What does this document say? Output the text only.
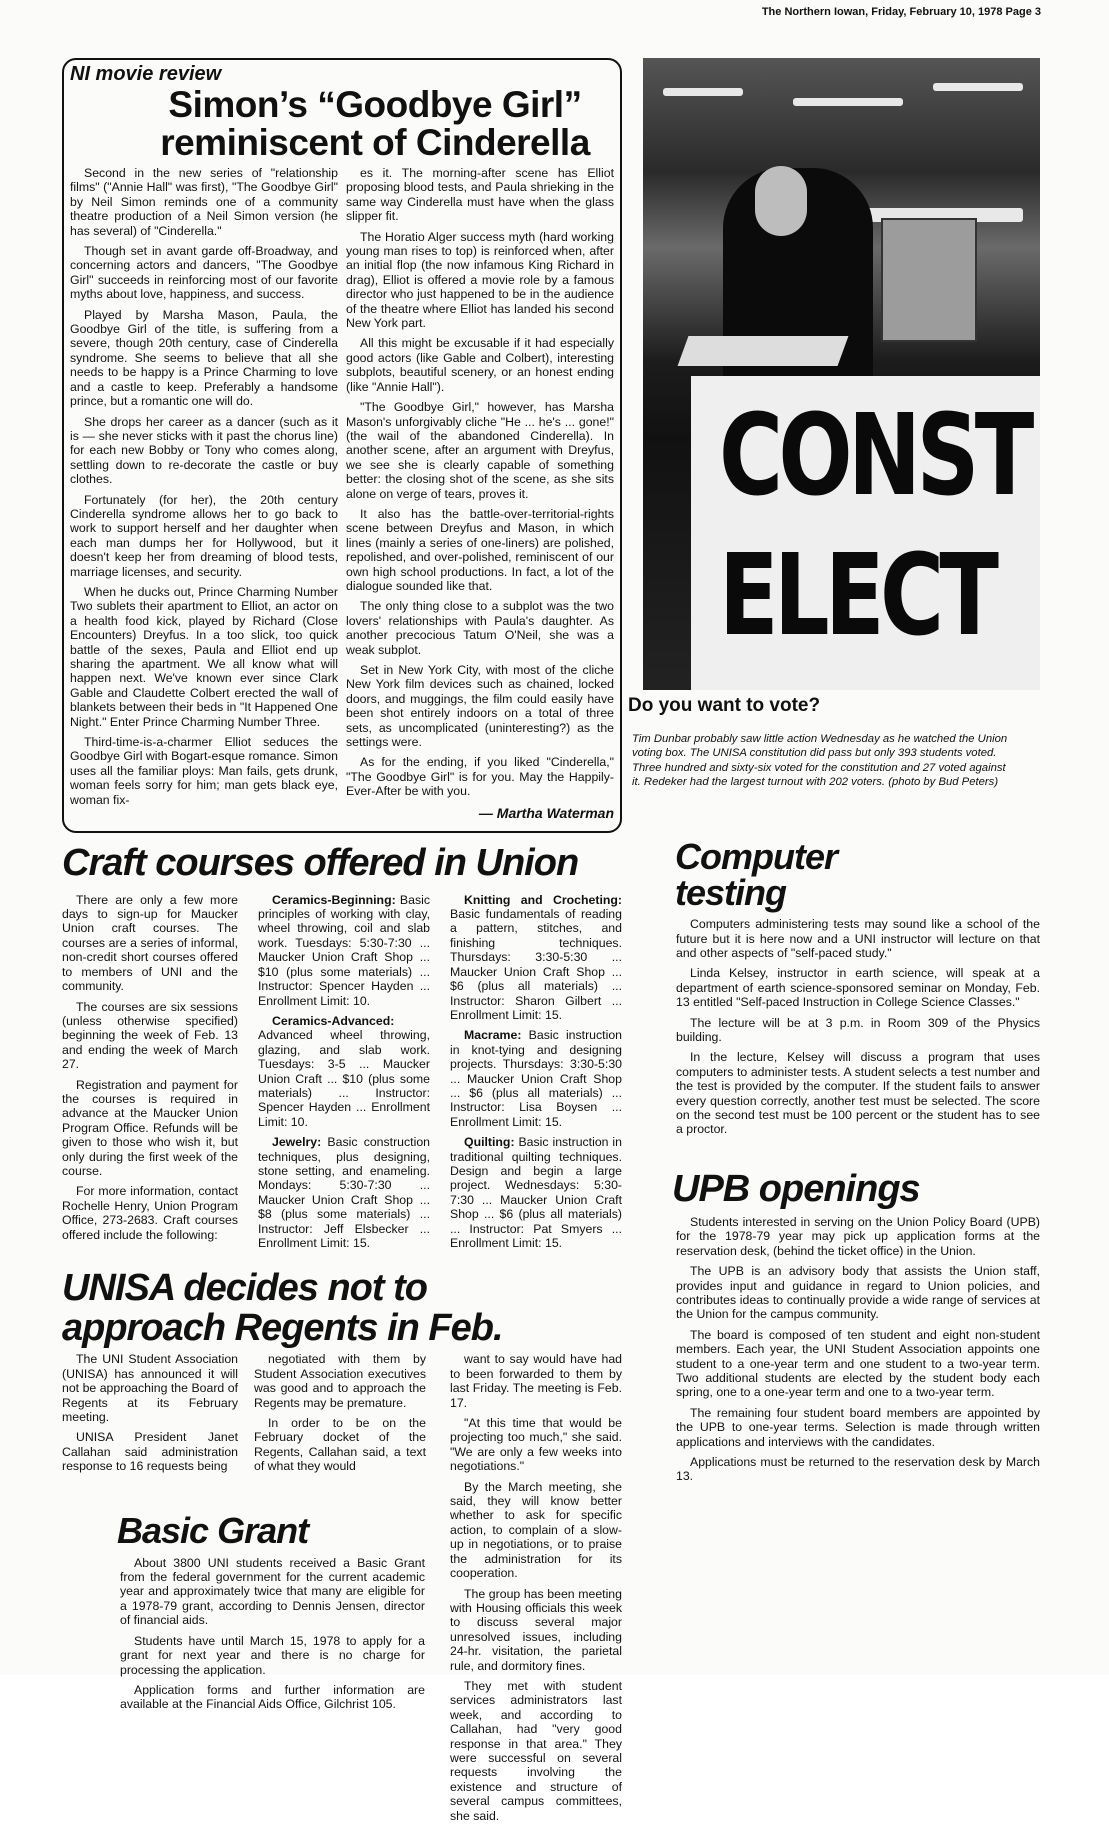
The Northern Iowan, Friday, February 10, 1978 Page 3
NI movie review
Simon’s “Goodbye Girl” reminiscent of Cinderella

Second in the new series of "relationship films" ("Annie Hall" was first), "The Goodbye Girl" by Neil Simon reminds one of a community theatre production of a Neil Simon version (he has several) of "Cinderella."

Though set in avant garde off-Broadway, and concerning actors and dancers, "The Goodbye Girl" succeeds in reinforcing most of our favorite myths about love, happiness, and success.

Played by Marsha Mason, Paula, the Goodbye Girl of the title, is suffering from a severe, though 20th century, case of Cinderella syndrome. She seems to believe that all she needs to be happy is a Prince Charming to love and a castle to keep. Preferably a handsome prince, but a romantic one will do.

She drops her career as a dancer (such as it is — she never sticks with it past the chorus line) for each new Bobby or Tony who comes along, settling down to re-decorate the castle or buy clothes.

Fortunately (for her), the 20th century Cinderella syndrome allows her to go back to work to support herself and her daughter when each man dumps her for Hollywood, but it doesn't keep her from dreaming of blood tests, marriage licenses, and security.

When he ducks out, Prince Charming Number Two sublets their apartment to Elliot, an actor on a health food kick, played by Richard (Close Encounters) Dreyfus. In a too slick, too quick battle of the sexes, Paula and Elliot end up sharing the apartment. We all know what will happen next. We've known ever since Clark Gable and Claudette Colbert erected the wall of blankets between their beds in "It Happened One Night." Enter Prince Charming Number Three.

Third-time-is-a-charmer Elliot seduces the Goodbye Girl with Bogart-esque romance. Simon uses all the familiar ploys: Man fails, gets drunk, woman feels sorry for him; man gets black eye, woman fix-

es it. The morning-after scene has Elliot proposing blood tests, and Paula shrieking in the same way Cinderella must have when the glass slipper fit.

The Horatio Alger success myth (hard working young man rises to top) is reinforced when, after an initial flop (the now infamous King Richard in drag), Elliot is offered a movie role by a famous director who just happened to be in the audience of the theatre where Elliot has landed his second New York part.

All this might be excusable if it had especially good actors (like Gable and Colbert), interesting subplots, beautiful scenery, or an honest ending (like "Annie Hall").

"The Goodbye Girl," however, has Marsha Mason's unforgivably cliche "He ... he's ... gone!" (the wail of the abandoned Cinderella). In another scene, after an argument with Dreyfus, we see she is clearly capable of something better: the closing shot of the scene, as she sits alone on verge of tears, proves it.

It also has the battle-over-territorial-rights scene between Dreyfus and Mason, in which lines (mainly a series of one-liners) are polished, repolished, and over-polished, reminiscent of our own high school productions. In fact, a lot of the dialogue sounded like that.

The only thing close to a subplot was the two lovers' relationships with Paula's daughter. As another precocious Tatum O'Neil, she was a weak subplot.

Set in New York City, with most of the cliche New York film devices such as chained, locked doors, and muggings, the film could easily have been shot entirely indoors on a total of three sets, as uncomplicated (uninteresting?) as the settings were.

As for the ending, if you liked "Cinderella," "The Goodbye Girl" is for you. May the Happily-Ever-After be with you.

— Martha Waterman
Craft courses offered in Union

There are only a few more days to sign-up for Maucker Union craft courses. The courses are a series of informal, non-credit short courses offered to members of UNI and the community.

The courses are six sessions (unless otherwise specified) beginning the week of Feb. 13 and ending the week of March 27.

Registration and payment for the courses is required in advance at the Maucker Union Program Office. Refunds will be given to those who wish it, but only during the first week of the course.

For more information, contact Rochelle Henry, Union Program Office, 273-2683. Craft courses offered include the following:

Ceramics-Beginning: Basic principles of working with clay, wheel throwing, coil and slab work. Tuesdays: 5:30-7:30 ... Maucker Union Craft Shop ... $10 (plus some materials) ... Instructor: Spencer Hayden ... Enrollment Limit: 10.

Ceramics-Advanced: Advanced wheel throwing, glazing, and slab work. Tuesdays: 3-5 ... Maucker Union Craft ... $10 (plus some materials) ... Instructor: Spencer Hayden ... Enrollment Limit: 10.

Jewelry: Basic construction techniques, plus designing, stone setting, and enameling. Mondays: 5:30-7:30 ... Maucker Union Craft Shop ... $8 (plus some materials) ... Instructor: Jeff Elsbecker ... Enrollment Limit: 15.

Knitting and Crocheting: Basic fundamentals of reading a pattern, stitches, and finishing techniques. Thursdays: 3:30-5:30 ... Maucker Union Craft Shop ... $6 (plus all materials) ... Instructor: Sharon Gilbert ... Enrollment Limit: 15.

Macrame: Basic instruction in knot-tying and designing projects. Thursdays: 3:30-5:30 ... Maucker Union Craft Shop ... $6 (plus all materials) ... Instructor: Lisa Boysen ... Enrollment Limit: 15.

Quilting: Basic instruction in traditional quilting techniques. Design and begin a large project. Wednesdays: 5:30-7:30 ... Maucker Union Craft Shop ... $6 (plus all materials) ... Instructor: Pat Smyers ... Enrollment Limit: 15.

UNISA decides not to
approach Regents in Feb.

The UNI Student Association (UNISA) has announced it will not be approaching the Board of Regents at its February meeting.

UNISA President Janet Callahan said administration response to 16 requests being

negotiated with them by Student Association executives was good and to approach the Regents may be premature.

In order to be on the February docket of the Regents, Callahan said, a text of what they would

Basic Grant

About 3800 UNI students received a Basic Grant from the federal government for the current academic year and approximately twice that many are eligible for a 1978-79 grant, according to Dennis Jensen, director of financial aids.

Students have until March 15, 1978 to apply for a grant for next year and there is no charge for processing the application.

Application forms and further information are available at the Financial Aids Office, Gilchrist 105.

want to say would have had to been forwarded to them by last Friday. The meeting is Feb. 17.

"At this time that would be projecting too much," she said. "We are only a few weeks into negotiations."

By the March meeting, she said, they will know better whether to ask for specific action, to complain of a slow-up in negotiations, or to praise the administration for its cooperation.

The group has been meeting with Housing officials this week to discuss several major unresolved issues, including 24-hr. visitation, the parietal rule, and dormitory fines.

They met with student services administrators last week, and according to Callahan, had "very good response in that area." They were successful on several requests involving the existence and structure of several campus committees, she said.

CONST
ELECT
Do you want to vote?
Tim Dunbar probably saw little action Wednesday as he watched the Union voting box. The UNISA constitution did pass but only 393 students voted. Three hundred and sixty-six voted for the constitution and 27 voted against it. Redeker had the largest turnout with 202 voters. (photo by Bud Peters)
Computer
testing

Computers administering tests may sound like a school of the future but it is here now and a UNI instructor will lecture on that and other aspects of "self-paced study."

Linda Kelsey, instructor in earth science, will speak at a department of earth science-sponsored seminar on Monday, Feb. 13 entitled "Self-paced Instruction in College Science Classes."

The lecture will be at 3 p.m. in Room 309 of the Physics building.

In the lecture, Kelsey will discuss a program that uses computers to administer tests. A student selects a test number and the test is provided by the computer. If the student fails to answer every question correctly, another test must be selected. The score on the second test must be 100 percent or the student has to see a proctor.

UPB openings

Students interested in serving on the Union Policy Board (UPB) for the 1978-79 year may pick up application forms at the reservation desk, (behind the ticket office) in the Union.

The UPB is an advisory body that assists the Union staff, provides input and guidance in regard to Union policies, and contributes ideas to continually provide a wide range of services at the Union for the campus community.

The board is composed of ten student and eight non-student members. Each year, the UNI Student Association appoints one student to a one-year term and one student to a two-year term. Two additional students are elected by the student body each spring, one to a one-year term and one to a two-year term.

The remaining four student board members are appointed by the UPB to one-year terms. Selection is made through written applications and interviews with the candidates.

Applications must be returned to the reservation desk by March 13.
